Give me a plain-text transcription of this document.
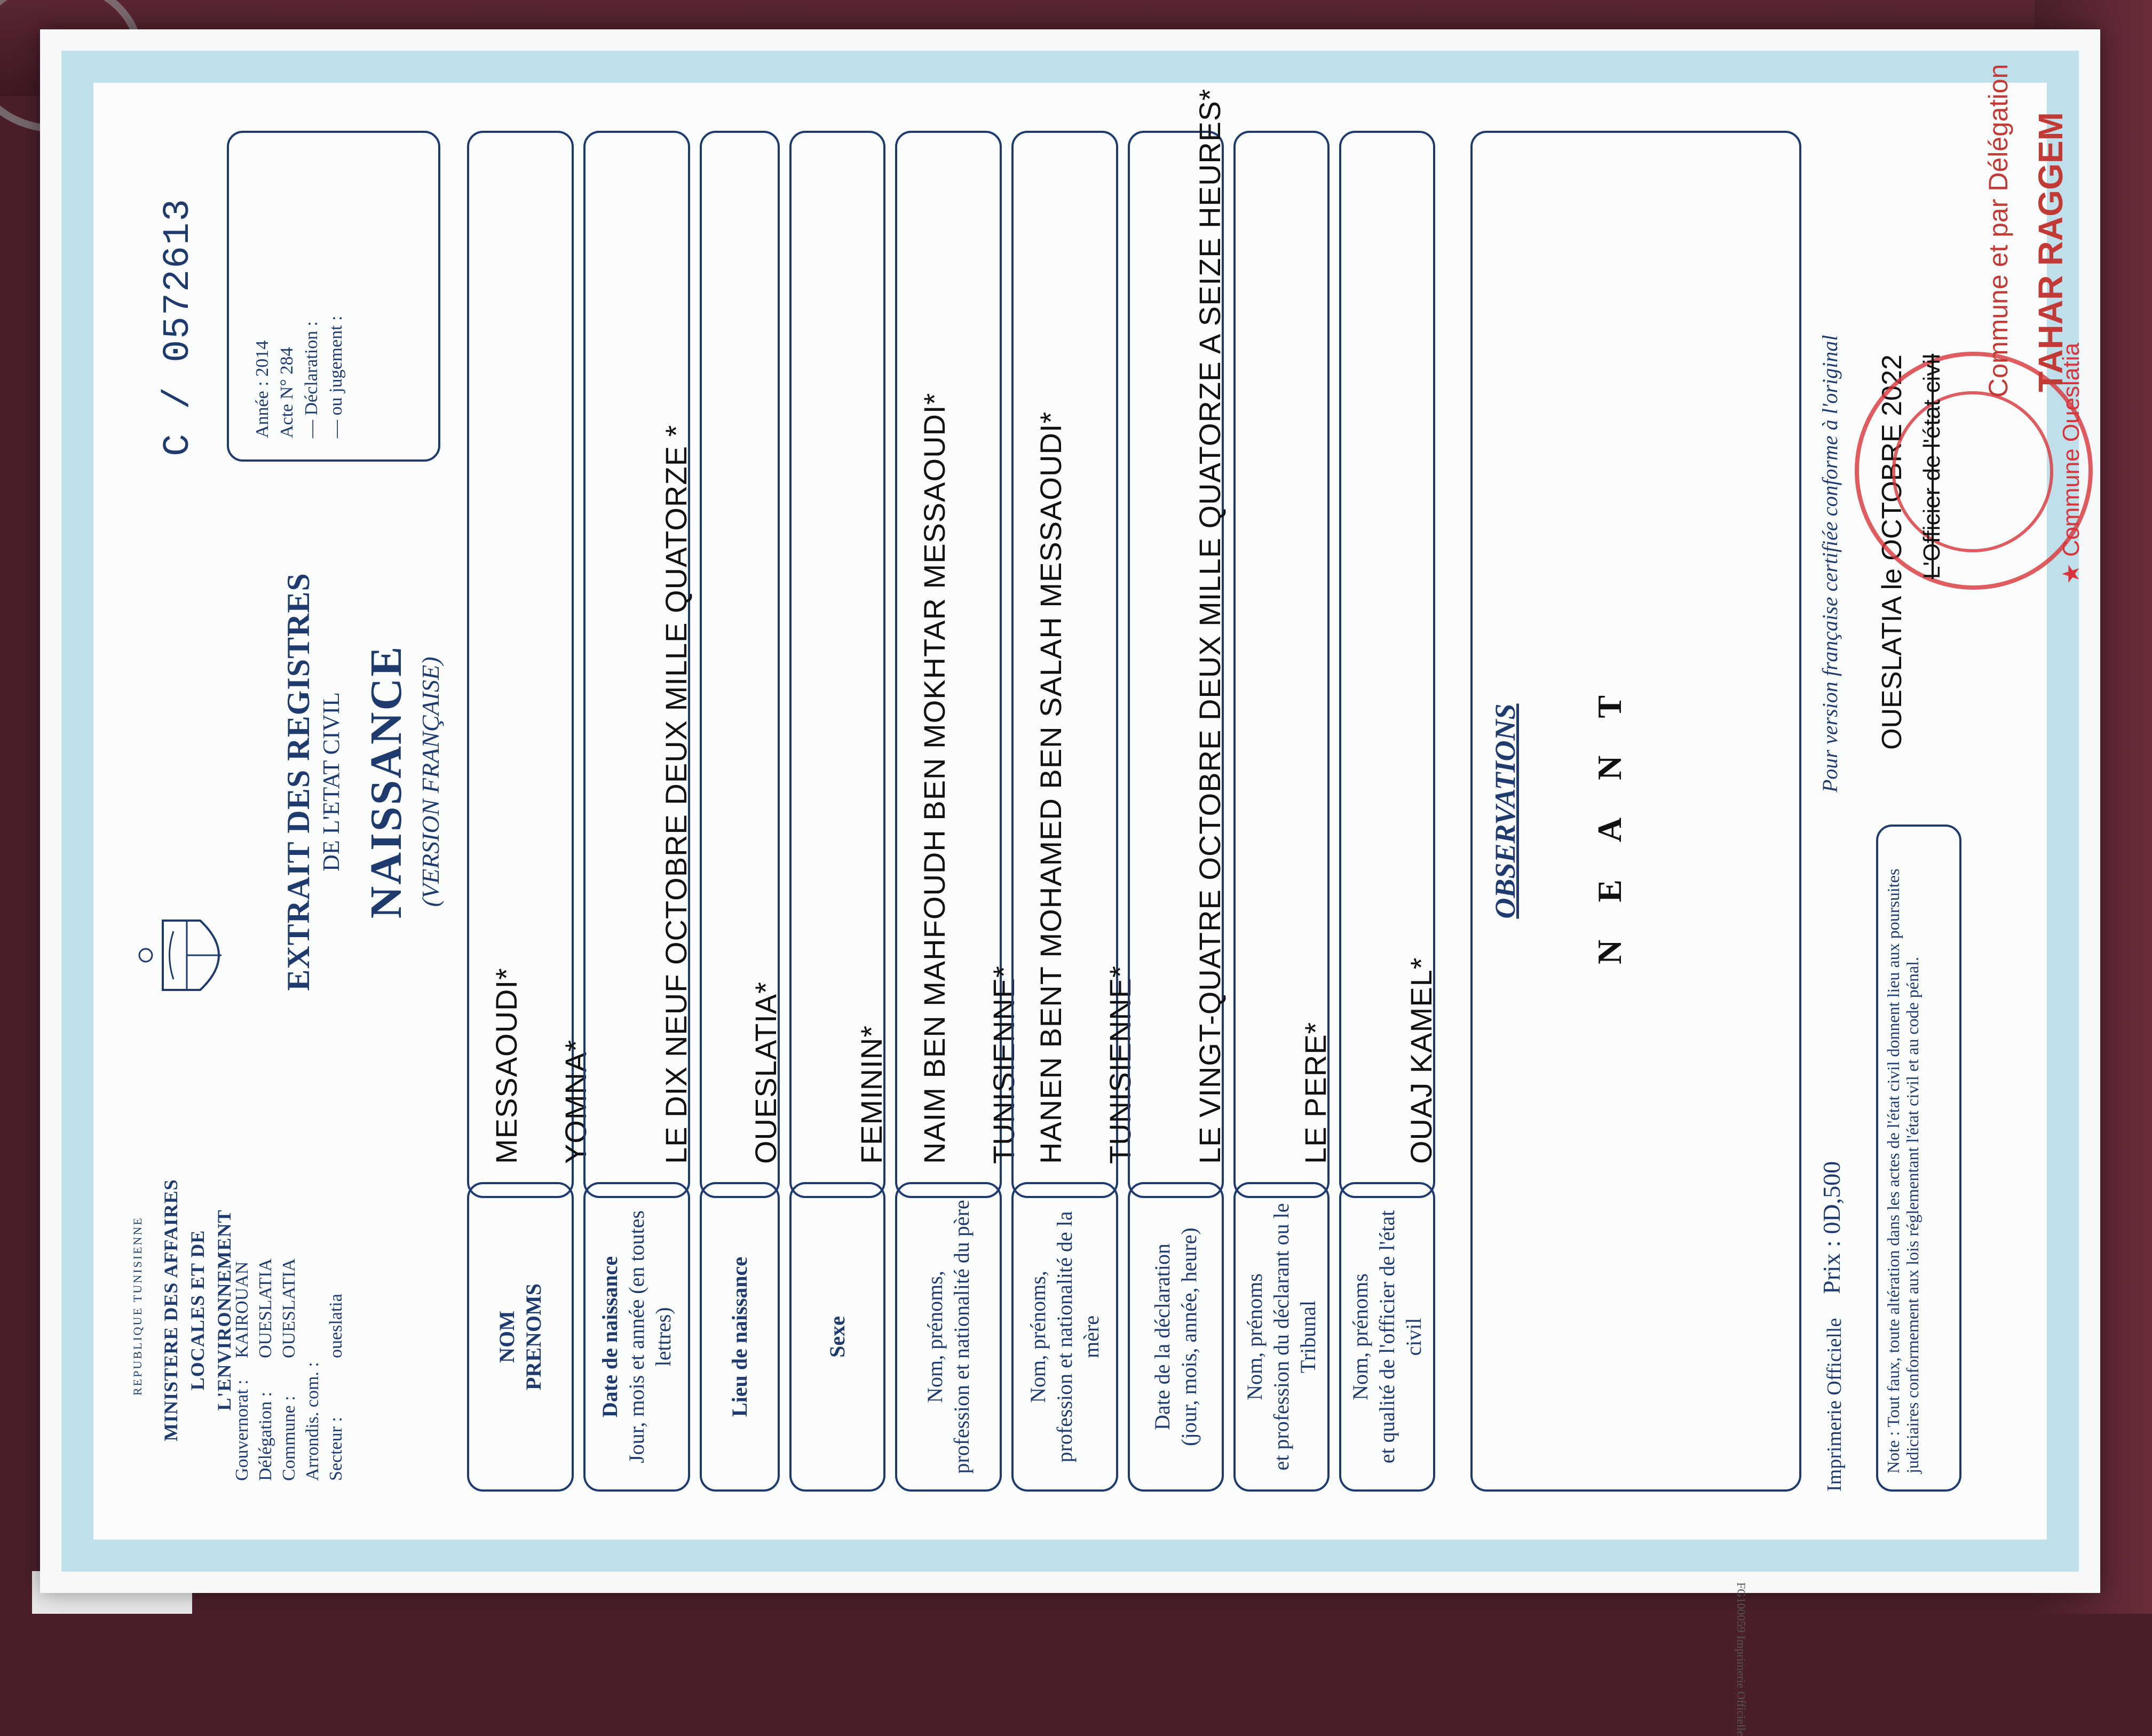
REPUBLIQUE TUNISIENNE MINISTERE DES AFFAIRES LOCALES ET DE L'ENVIRONNEMENT
Gouvernorat :
KAIROUAN
Délégation :
OUESLATIA
Commune :
OUESLATIA
Arrondis. com. : Secteur :
oueslatia
EXTRAIT DES REGISTRES DE L'ETAT CIVIL NAISSANCE (VERSION FRANÇAISE)
C / 0572613	Année : 2014 Acte N° 284 — Déclaration : — ou jugement :
NOM PRENOMS
MESSAOUDI* YOMNA*
Date de naissance Jour, mois et année (en toutes lettres)
LE DIX NEUF OCTOBRE DEUX MILLE QUATORZE *
Lieu de naissance
OUESLATIA*
Sexe
FEMININ*
Nom, prénoms, profession et nationalité du père
NAIM BEN MAHFOUDH BEN MOKHTAR MESSAOUDI* TUNISIENNE*
Nom, prénoms, profession et nationalité de la mère
HANEN BENT MOHAMED BEN SALAH MESSAOUDI* TUNISIENNE*
Date de la déclaration (jour, mois, année, heure)
LE VINGT-QUATRE OCTOBRE DEUX MILLE QUATORZE A SEIZE HEURES*
Nom, prénoms et profession du déclarant ou le Tribunal
LE PERE*
Nom, prénoms et qualité de l'officier de l'état civil
OUAJ KAMEL*
OBSERVATIONS NEANT
Imprimerie Officielle
Prix : 0D,500
Pour version française certifiée conforme à l'original
Note : Tout faux, toute altération dans les actes de l'état civil donnent lieu aux poursuites judiciaires conformement aux lois réglementant l'état civil et au code pénal.
OUESLATIA le OCTOBRE 2022 L'Officier de l'état civil	★ Commune Oueslatia
Commune et par Délégation TAHAR RAGGEM
FG100059 Imprimerie Officielle
